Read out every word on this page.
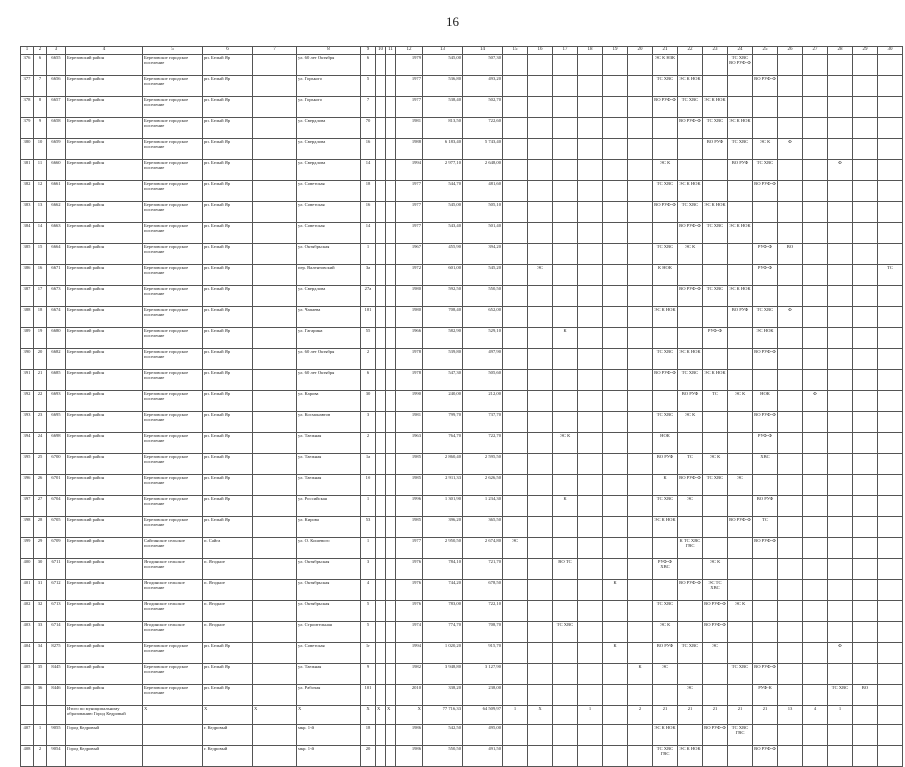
16
1	2	3	4	5	6	7	8	9	10	11	12	13	14	15	16	17	18	19	20	21	22	23	24	25	26	27	28	29	30
376	6	6655	Березовский район	Березовское городское поселение	рп. Белый Яр		ул. 60 лет Октября	6			1979	545,00	507,30							ЭС К НЗК			ТС ХВС ВО РУФ-Ф						
377	7	6656	Березовский район	Березовское городское поселение	рп. Белый Яр		ул. Горького	5			1977	536,80	493,20							ТС ХВС	ЭС К НОК			ВО РУФ-Ф					
378	8	6657	Березовский район	Березовское городское поселение	рп. Белый Яр		ул. Горького	7			1977	538,40	502,70							ВО РУФ-Ф	ТС ХВС	ЭС К НОК							
379	9	6658	Березовский район	Березовское городское поселение	рп. Белый Яр		ул. Свердлова	70			1981	813,50	722,60								ВО РУФ-Ф	ТС ХВС	ЭС К НОК						
380	10	6659	Березовский район	Березовское городское поселение	рп. Белый Яр		ул. Свердлова	16			1988	6 183,40	5 743,40									ВО РУФ	ТС ХВС	ЭС К	Ф				
381	11	6660	Березовский район	Березовское городское поселение	рп. Белый Яр		ул. Свердлова	14			1994	2 977,10	2 648,00							ЭС К			ВО РУФ	ТС ХВС			Ф		
382	12	6661	Березовский район	Березовское городское поселение	рп. Белый Яр		ул. Советская	18			1977	544,70	481,60							ТС ХВС	ЭС К НОК			ВО РУФ-Ф					
383	13	6662	Березовский район	Березовское городское поселение	рп. Белый Яр		ул. Советская	16			1977	545,00	505,10							ВО РУФ-Ф	ТС ХВС	ЭС К НОК							
384	14	6663	Березовский район	Березовское городское поселение	рп. Белый Яр		ул. Советская	14			1977	543,40	501,40								ВО РУФ-Ф	ТС ХВС	ЭС К НОК						
385	15	6664	Березовский район	Березовское городское поселение	рп. Белый Яр		ул. Октябрьская	1			1967	455,90	394,20							ТС ХВС	ЭС К			РУФ-Ф	ВО				
386	16	6671	Березовский район	Березовское городское поселение	рп. Белый Яр		пер. Валентовский	3а			1972	601,00	545,20		ЭС					К НОК				РУФ-Ф					ТС
387	17	6673	Березовский район	Березовское городское поселение	рп. Белый Яр		ул. Свердлова	27а			1980	592,50	550,50								ВО РУФ-Ф	ТС ХВС	ЭС К НОК						
388	18	6674	Березовский район	Березовское городское поселение	рп. Белый Яр		ул. Чапаева	101			1980	708,40	652,00							ЭС К НОК			ВО РУФ	ТС ХВС	Ф				
389	19	6680	Березовский район	Березовское городское поселение	рп. Белый Яр		ул. Гагарина	55			1966	582,90	529,10			К						РУФ-Ф		ЭС НОК					
390	20	6682	Березовский район	Березовское городское поселение	рп. Белый Яр		ул. 60 лет Октября	2			1978	539,80	497,90							ТС ХВС	ЭС К НОК			ВО РУФ-Ф					
391	21	6685	Березовский район	Березовское городское поселение	рп. Белый Яр		ул. 60 лет Октября	6			1978	547,30	505,60							ВО РУФ-Ф	ТС ХВС	ЭС К НОК							
392	22	6693	Березовский район	Березовское городское поселение	рп. Белый Яр		ул. Карова	30			1990	240,00	212,00								ВО РУФ	ТС	ЭС К	НОК		Ф			
393	23	6695	Березовский район	Березовское городское поселение	рп. Белый Яр		ул. Космонавтов	3			1981	799,70	737,70							ТС ХВС	ЭС К			ВО РУФ-Ф					
394	24	6698	Березовский район	Березовское городское поселение	рп. Белый Яр		ул. Таежная	2			1963	764,70	722,70			ЭС К				НОК				РУФ-Ф					
395	25	6700	Березовский район	Березовское городское поселение	рп. Белый Яр		ул. Таежная	1а			1985	2 860,40	2 595,50							ВО РУФ	ТС	ЭС К		ХВС					
396	26	6701	Березовский район	Березовское городское поселение	рп. Белый Яр		ул. Таежная	1б			1985	2 911,33	2 626,50							К	ВО РУФ-Ф	ТС ХВС	ЭС						
397	27	6704	Березовский район	Березовское городское поселение	рп. Белый Яр		ул. Российская	1			1996	1 301,90	1 234,30			К				ТС ХВС	ЭС			ВО РУФ					
398	28	6705	Березовский район	Березовское городское поселение	рп. Белый Яр		ул. Кирова	53			1985	396,20	365,50							ЭС К НОК			ВО РУФ-Ф	ТС					
399	29	6709	Березовский район	Сайгинское сельское поселение	п. Сайга		ул. О. Кошевого	1			1977	2 950,50	2 674,80	ЭС							К ТС ХВС ГВС			ВО РУФ-Ф					
400	30	6711	Березовский район	Ягодинское сельское поселение	п. Ягодное		ул. Октябрьская	3			1976	784,10	721,70			ВО ТС				РУФ-Ф ХВС		ЭС К							
401	31	6712	Березовский район	Ягодинское сельское поселение	п. Ягодное		ул. Октябрьская	4			1976	744,20	678,50					К			ВО РУФ-Ф	ЭС ТС ХВС							
402	32	6713	Березовский район	Ягодинское сельское поселение	п. Ягодное		ул. Октябрьская	5			1976	783,00	722,10							ТС ХВС		ВО РУФ-Ф	ЭС К						
403	33	6714	Березовский район	Ягодинское сельское поселение	п. Ягодное		ул. Строительная	5			1974	774,70	708,70			ТС ХВС				ЭС К		ВО РУФ-Ф							
404	34	8275	Березовский район	Березовское городское поселение	рп. Белый Яр		ул. Советская	1г			1994	1 020,20	915,70					К		ВО РУФ	ТС ХВС	ЭС					Ф		
405	35	8445	Березовский район	Березовское городское поселение	рп. Белый Яр		ул. Таежная	9			1982	3 948,80	3 127,90						К	ЭС			ТС ХВС	ВО РУФ-Ф					
406	36	8446	Березовский район	Березовское городское поселение	рп. Белый Яр		ул. Рабочая	101			2010	338,20	238,00								ЭС			РУФ-К			ТС ХВС	ВО	
			Итого по муниципальному образованию Город Кедровый	X	X	X	X	X	X	X	X	77 716,33	64 509,97	1	X		1		2	21	21	21	21	21	13	4	1		
407	1	9055	Город Кедровый		г. Кедровый		мкр. 1-й	18			1986	542,50	495,00							ЭС К НОК		ВО РУФ-Ф	ТС ХВС ГВС						
408	2	9054	Город Кедровый		г. Кедровый		мкр. 1-й	20			1986	550,50	491,50							ТС ХВС ГВС	ЭС К НОК			ВО РУФ-Ф					
